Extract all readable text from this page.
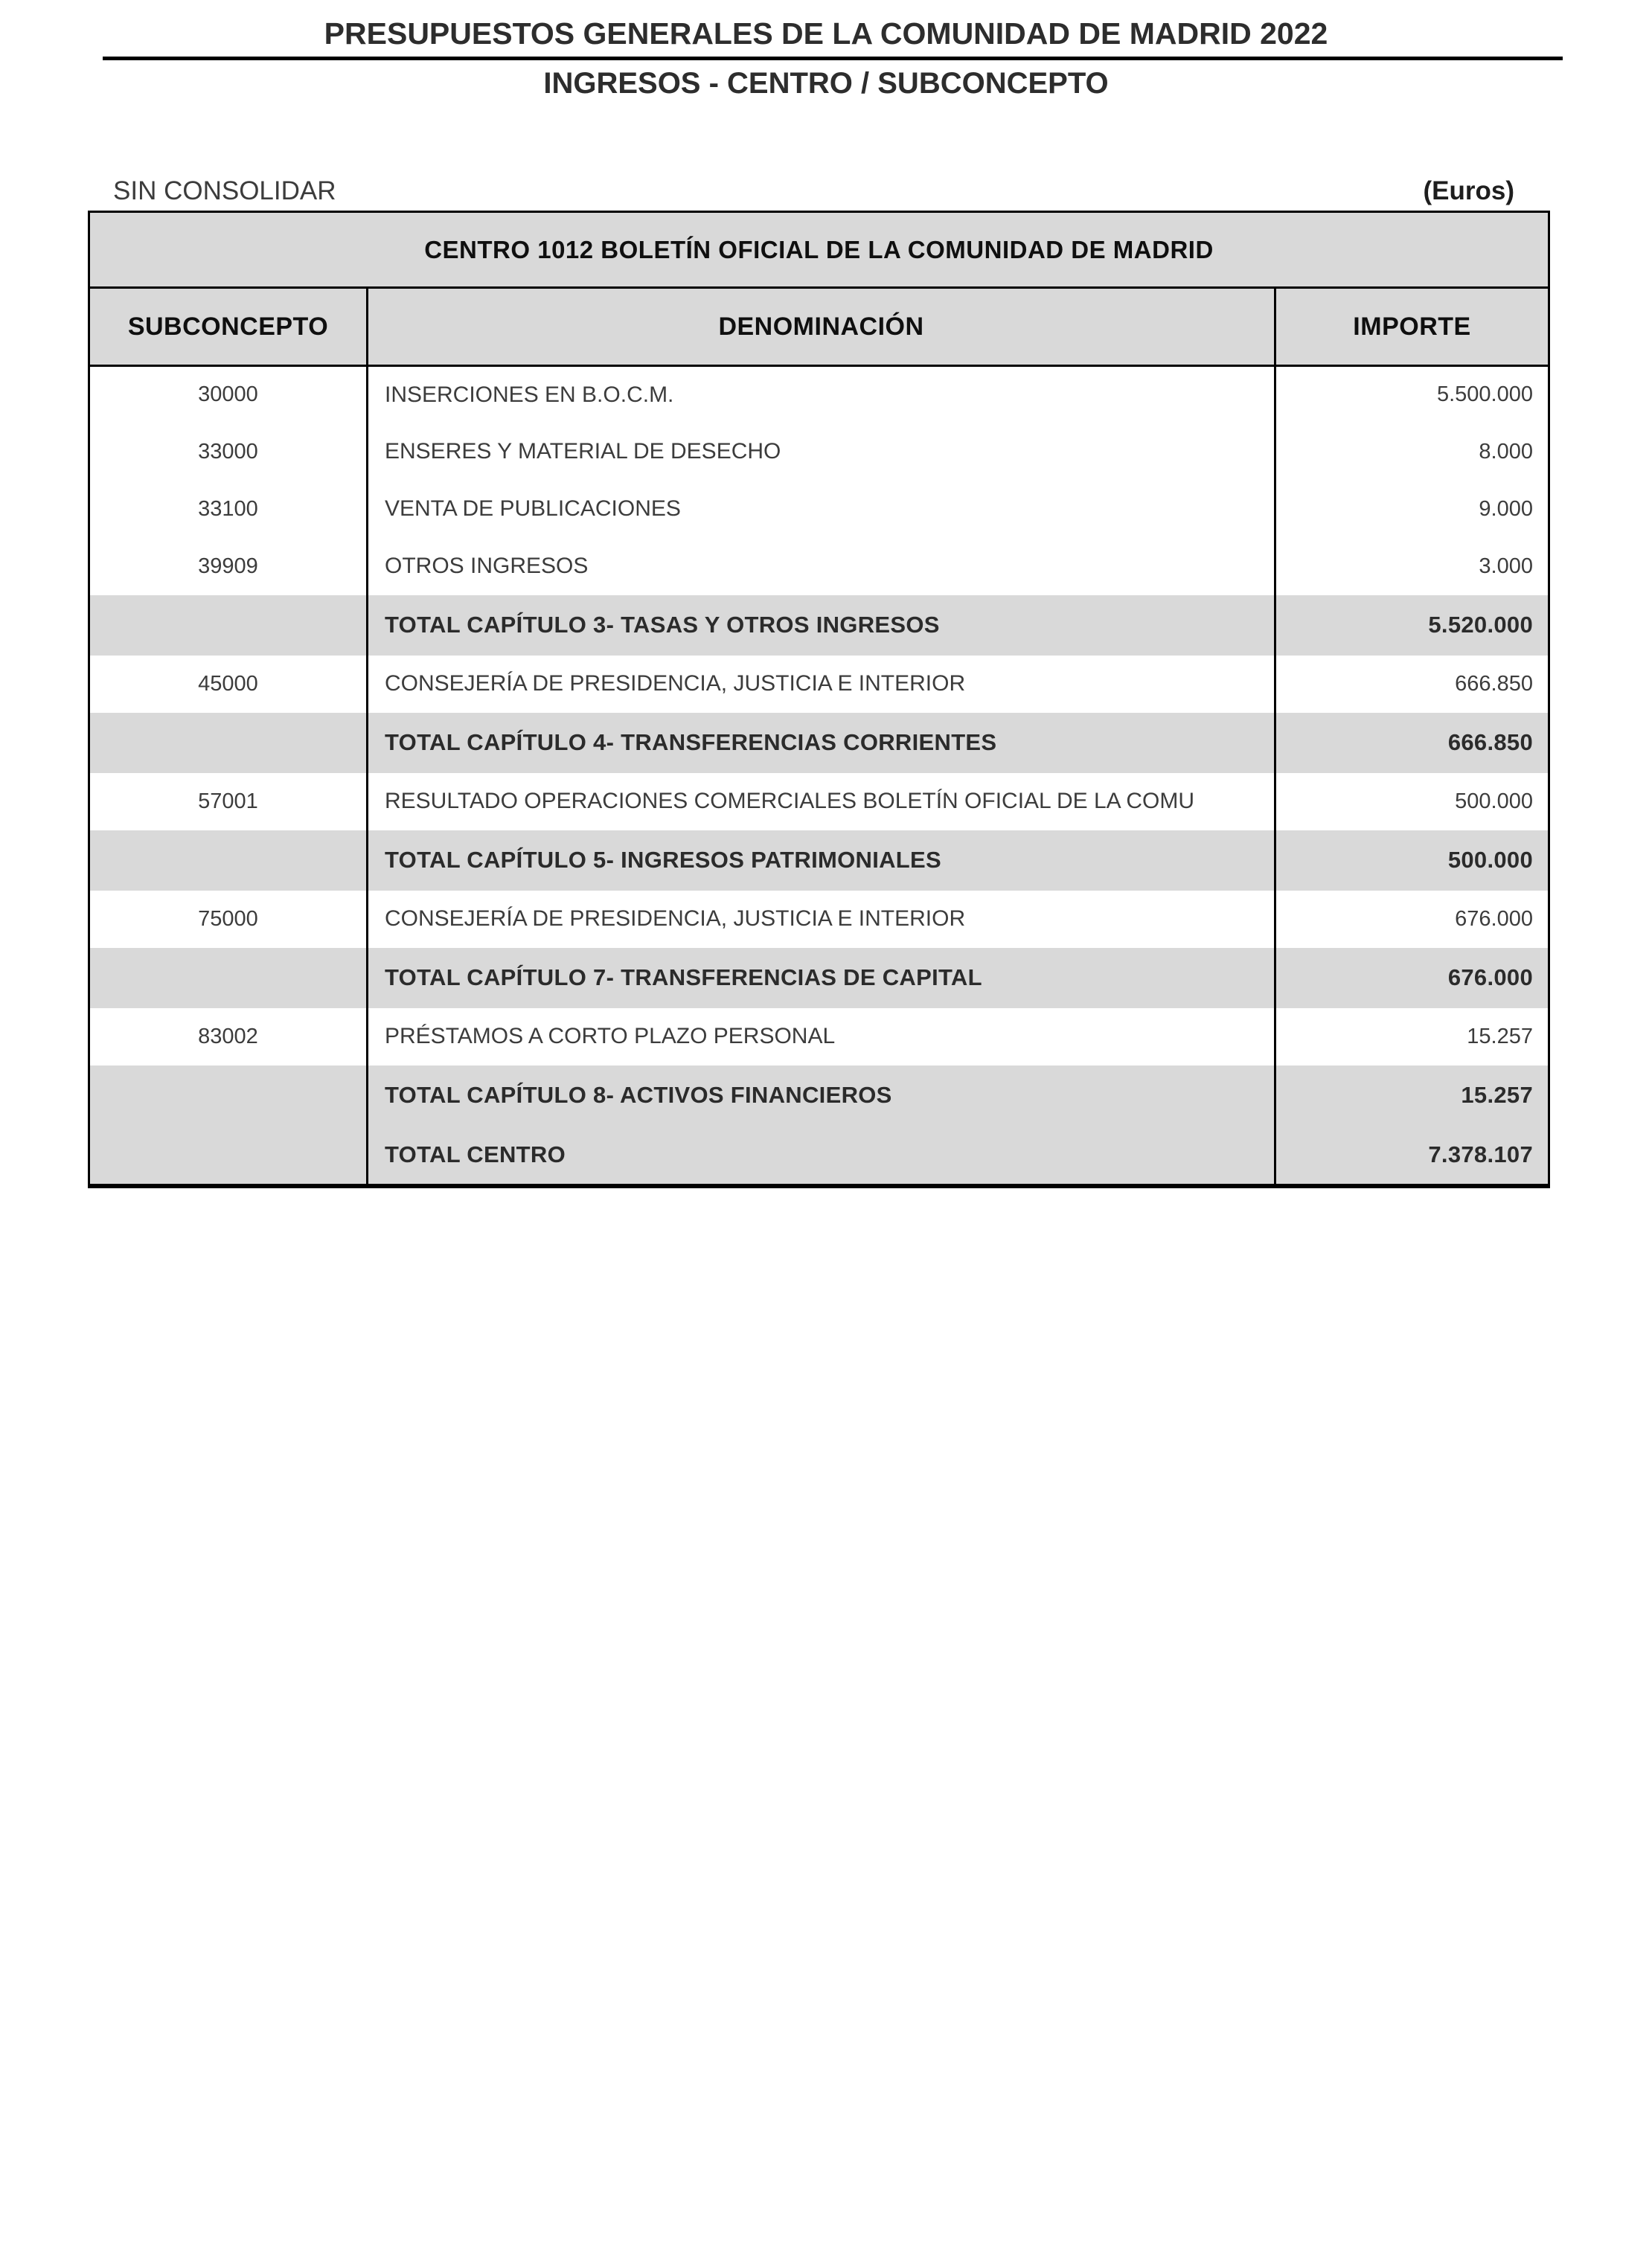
PRESUPUESTOS GENERALES DE LA COMUNIDAD DE MADRID 2022
INGRESOS - CENTRO / SUBCONCEPTO
SIN CONSOLIDAR	(Euros)
CENTRO 1012 BOLETÍN OFICIAL DE LA COMUNIDAD DE MADRID		
SUBCONCEPTO	DENOMINACIÓN	IMPORTE
30000	INSERCIONES EN B.O.C.M.	5.500.000
33000	ENSERES Y MATERIAL DE DESECHO	8.000
33100	VENTA DE PUBLICACIONES	9.000
39909	OTROS INGRESOS	3.000
	TOTAL CAPÍTULO 3- TASAS Y OTROS INGRESOS	5.520.000
45000	CONSEJERÍA DE PRESIDENCIA, JUSTICIA E INTERIOR	666.850
	TOTAL CAPÍTULO 4- TRANSFERENCIAS CORRIENTES	666.850
57001	RESULTADO OPERACIONES COMERCIALES BOLETÍN OFICIAL DE LA COMU	500.000
	TOTAL CAPÍTULO 5- INGRESOS PATRIMONIALES	500.000
75000	CONSEJERÍA DE PRESIDENCIA, JUSTICIA E INTERIOR	676.000
	TOTAL CAPÍTULO 7- TRANSFERENCIAS DE CAPITAL	676.000
83002	PRÉSTAMOS A CORTO PLAZO PERSONAL	15.257
	TOTAL CAPÍTULO 8- ACTIVOS FINANCIEROS	15.257
	TOTAL CENTRO	7.378.107
